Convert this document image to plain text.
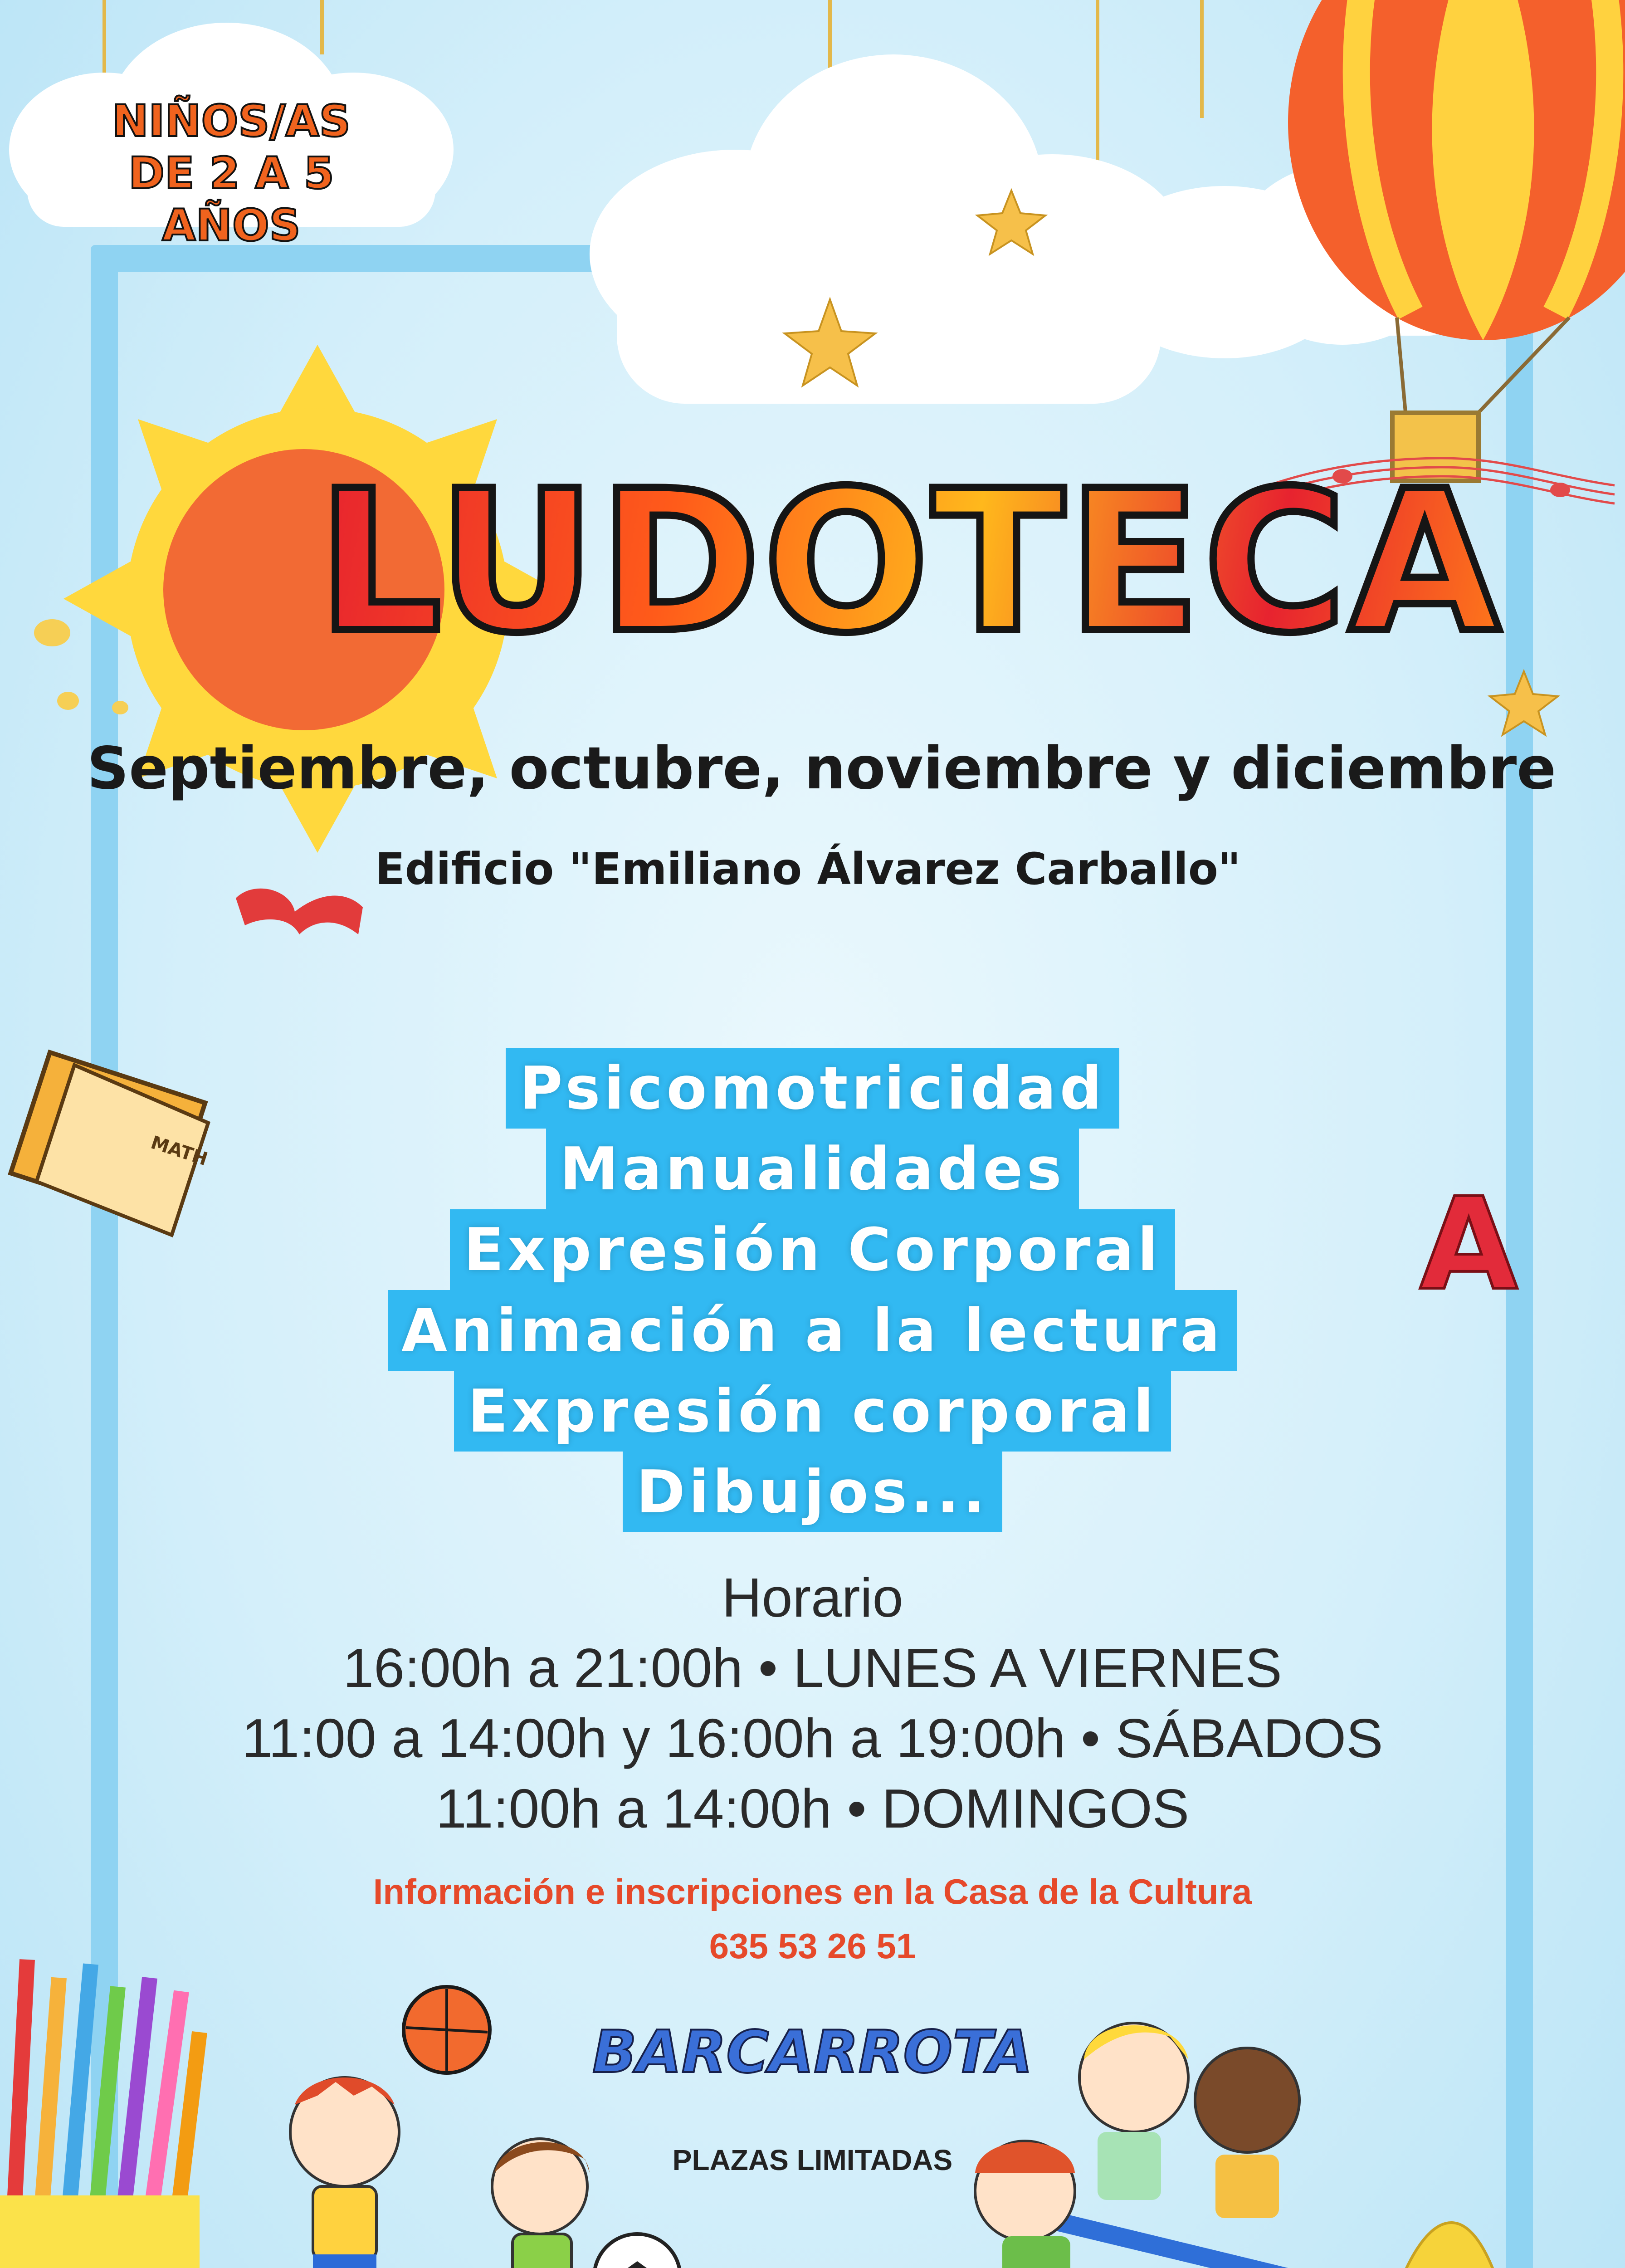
MATH
A
NIÑOS/AS
DE 2 A 5 AÑOS
LUDOTECA
Septiembre, octubre, noviembre y diciembre
Edificio "Emiliano Álvarez Carballo"
Psicomotricidad
Manualidades
Expresión Corporal
Animación a la lectura
Expresión corporal
Dibujos...
Horario
16:00h a 21:00h • LUNES A VIERNES
11:00 a 14:00h y 16:00h a 19:00h • SÁBADOS
11:00h a 14:00h • DOMINGOS
Información e inscripciones en la Casa de la Cultura
635 53 26 51
BARCARROTA
PLAZAS LIMITADAS
